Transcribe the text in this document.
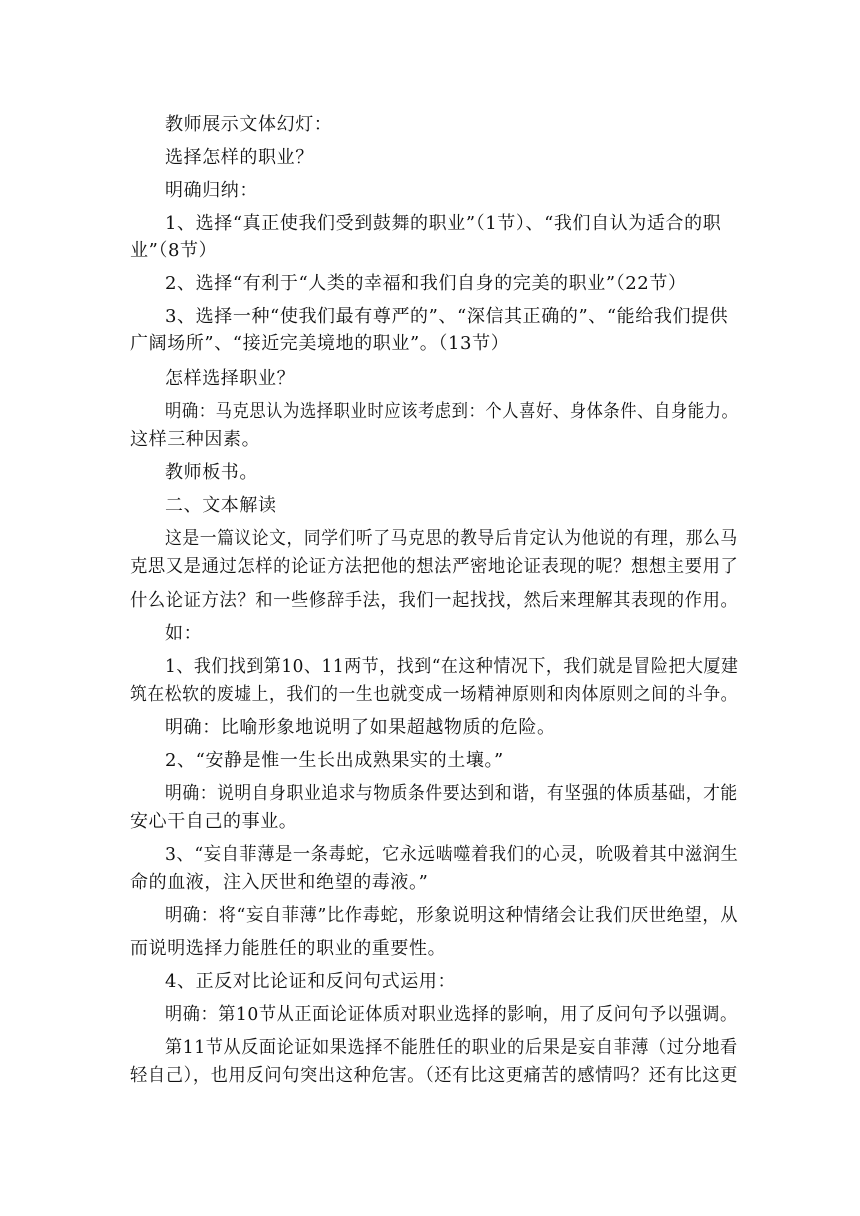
教师展示文体幻灯：
选择怎样的职业？
明确归纳：
1、选择“真正使我们受到鼓舞的职业”（1节）、“我们自认为适合的职
业”（8节）
2、选择“有利于“人类的幸福和我们自身的完美的职业”（22节）
3、选择一种“使我们最有尊严的”、“深信其正确的”、“能给我们提供
广阔场所”、“接近完美境地的职业”。（13节）
怎样选择职业？
明确：马克思认为选择职业时应该考虑到：个人喜好、身体条件、自身能力。
这样三种因素。
教师板书。
二、文本解读
这是一篇议论文，同学们听了马克思的教导后肯定认为他说的有理，那么马
克思又是通过怎样的论证方法把他的想法严密地论证表现的呢？想想主要用了
什么论证方法？和一些修辞手法，我们一起找找，然后来理解其表现的作用。
如：
1、我们找到第10、11两节，找到“在这种情况下，我们就是冒险把大厦建
筑在松软的废墟上，我们的一生也就变成一场精神原则和肉体原则之间的斗争。
明确：比喻形象地说明了如果超越物质的危险。
2、“安静是惟一生长出成熟果实的土壤。”
明确：说明自身职业追求与物质条件要达到和谐，有坚强的体质基础，才能
安心干自己的事业。
3、“妄自菲薄是一条毒蛇，它永远啮噬着我们的心灵，吮吸着其中滋润生
命的血液，注入厌世和绝望的毒液。”
明确：将“妄自菲薄”比作毒蛇，形象说明这种情绪会让我们厌世绝望，从
而说明选择力能胜任的职业的重要性。
4、正反对比论证和反问句式运用：
明确：第10节从正面论证体质对职业选择的影响，用了反问句予以强调。
第11节从反面论证如果选择不能胜任的职业的后果是妄自菲薄（过分地看
轻自己），也用反问句突出这种危害。（还有比这更痛苦的感情吗？还有比这更
